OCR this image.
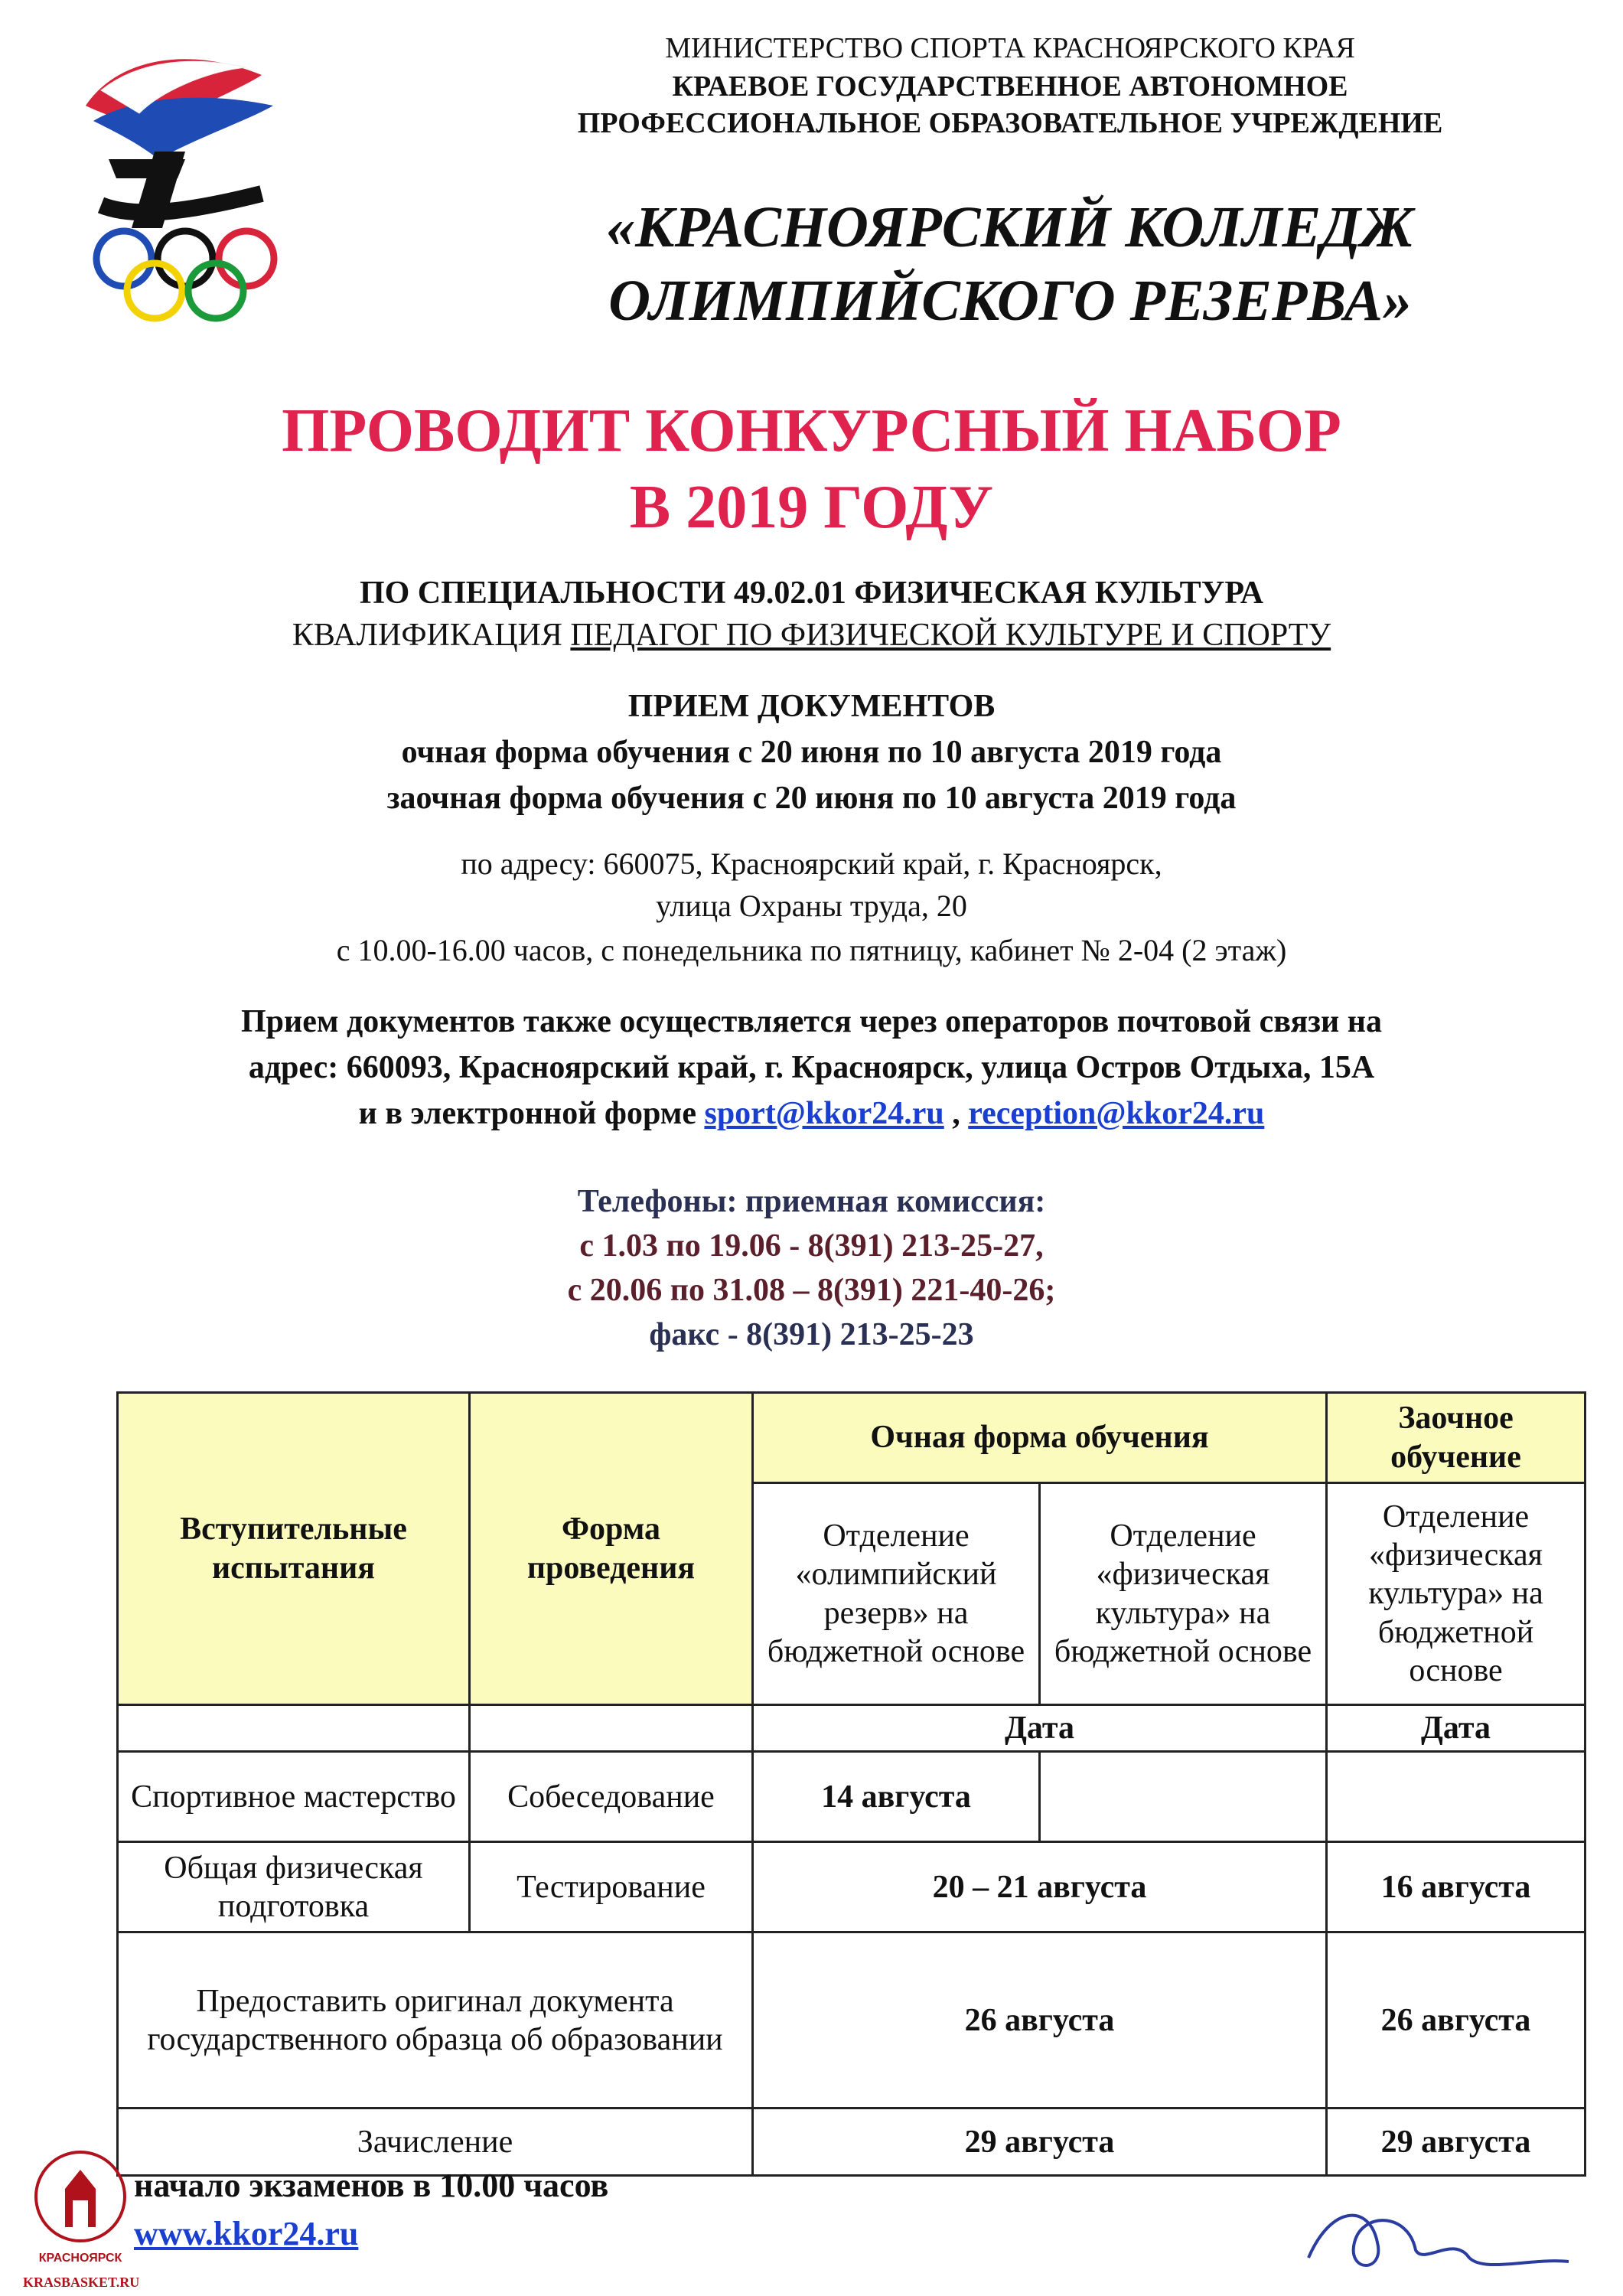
МИНИСТЕРСТВО СПОРТА КРАСНОЯРСКОГО КРАЯ
КРАЕВОЕ ГОСУДАРСТВЕННОЕ АВТОНОМНОЕ
ПРОФЕССИОНАЛЬНОЕ ОБРАЗОВАТЕЛЬНОЕ УЧРЕЖДЕНИЕ
«КРАСНОЯРСКИЙ КОЛЛЕДЖ
ОЛИМПИЙСКОГО РЕЗЕРВА»
ПРОВОДИТ КОНКУРСНЫЙ НАБОР
В 2019 ГОДУ
ПО СПЕЦИАЛЬНОСТИ 49.02.01 ФИЗИЧЕСКАЯ КУЛЬТУРА
КВАЛИФИКАЦИЯ ПЕДАГОГ ПО ФИЗИЧЕСКОЙ КУЛЬТУРЕ И СПОРТУ
ПРИЕМ ДОКУМЕНТОВ
очная форма обучения с 20 июня по 10 августа 2019 года
заочная форма обучения с 20 июня по 10 августа 2019 года
по адресу: 660075, Красноярский край, г. Красноярск,
улица Охраны труда, 20
с 10.00-16.00 часов, с понедельника по пятницу, кабинет № 2-04 (2 этаж)
Прием документов также осуществляется через операторов почтовой связи на
адрес: 660093, Красноярский край, г. Красноярск, улица Остров Отдыха, 15А
и в электронной форме sport@kkor24.ru , reception@kkor24.ru
Телефоны: приемная комиссия:
с 1.03 по 19.06 - 8(391) 213-25-27,
с 20.06 по 31.08 – 8(391) 221-40-26;
факс - 8(391) 213-25-23
Вступительные испытания	Форма проведения	Очная форма обучения		Заочное обучение
		Отделение «олимпийский резерв» на бюджетной основе	Отделение «физическая культура» на бюджетной основе	Отделение «физическая культура» на бюджетной основе
		Дата		Дата
Спортивное мастерство	Собеседование	14 августа		
Общая физическая подготовка	Тестирование	20 – 21 августа		16 августа
Предоставить оригинал документа государственного образца об образовании		26 августа		26 августа
Зачисление		29 августа		29 августа
начало экзаменов в 10.00 часов
www.kkor24.ru
КРАСНОЯРСК
KRASBASKET.RU
